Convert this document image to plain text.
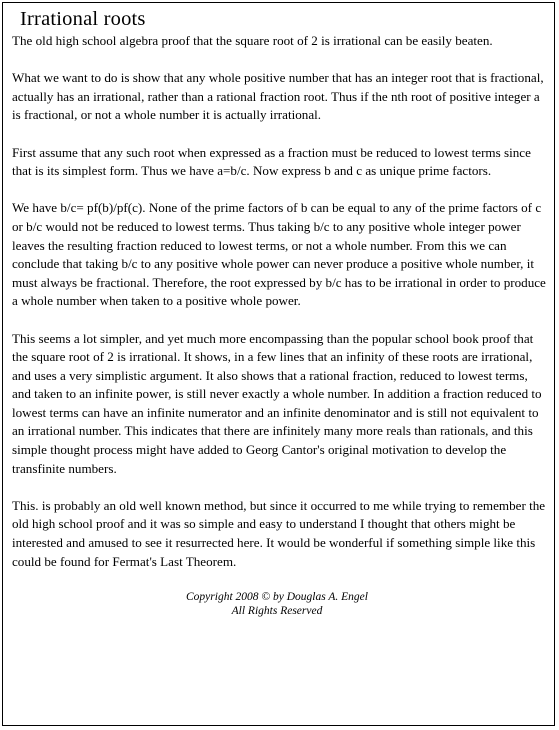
Irrational roots

The old high school algebra proof that the square root of 2 is irrational can be easily beaten.

What we want to do is show that any whole positive number that has an integer root that is fractional, actually has an irrational, rather than a rational fraction root. Thus if the nth root of positive integer a is fractional, or not a whole number it is actually irrational.

First assume that any such root when expressed as a fraction must be reduced to lowest terms since that is its simplest form. Thus we have a=b/c. Now express b and c as unique prime factors.

We have b/c= pf(b)/pf(c). None of the prime factors of b can be equal to any of the prime factors of c or b/c would not be reduced to lowest terms. Thus taking b/c to any positive whole integer power leaves the resulting fraction reduced to lowest terms, or not a whole number. From this we can conclude that taking b/c to any positive whole power can never produce a positive whole number, it must always be fractional. Therefore, the root expressed by b/c has to be irrational in order to produce a whole number when taken to a positive whole power.

This seems a lot simpler, and yet much more encompassing than the popular school book proof that the square root of 2 is irrational. It shows, in a few lines that an infinity of these roots are irrational, and uses a very simplistic argument. It also shows that a rational fraction, reduced to lowest terms, and taken to an infinite power, is still never exactly a whole number. In addition a fraction reduced to lowest terms can have an infinite numerator and an infinite denominator and is still not equivalent to an irrational number. This indicates that there are infinitely many more reals than rationals, and this simple thought process might have added to Georg Cantor's original motivation to develop the transfinite numbers.

This. is probably an old well known method, but since it occurred to me while trying to remember the old high school proof and it was so simple and easy to understand I thought that others might be interested and amused to see it resurrected here. It would be wonderful if something simple like this could be found for Fermat's Last Theorem.

Copyright 2008 © by Douglas A. Engel
All Rights Reserved
